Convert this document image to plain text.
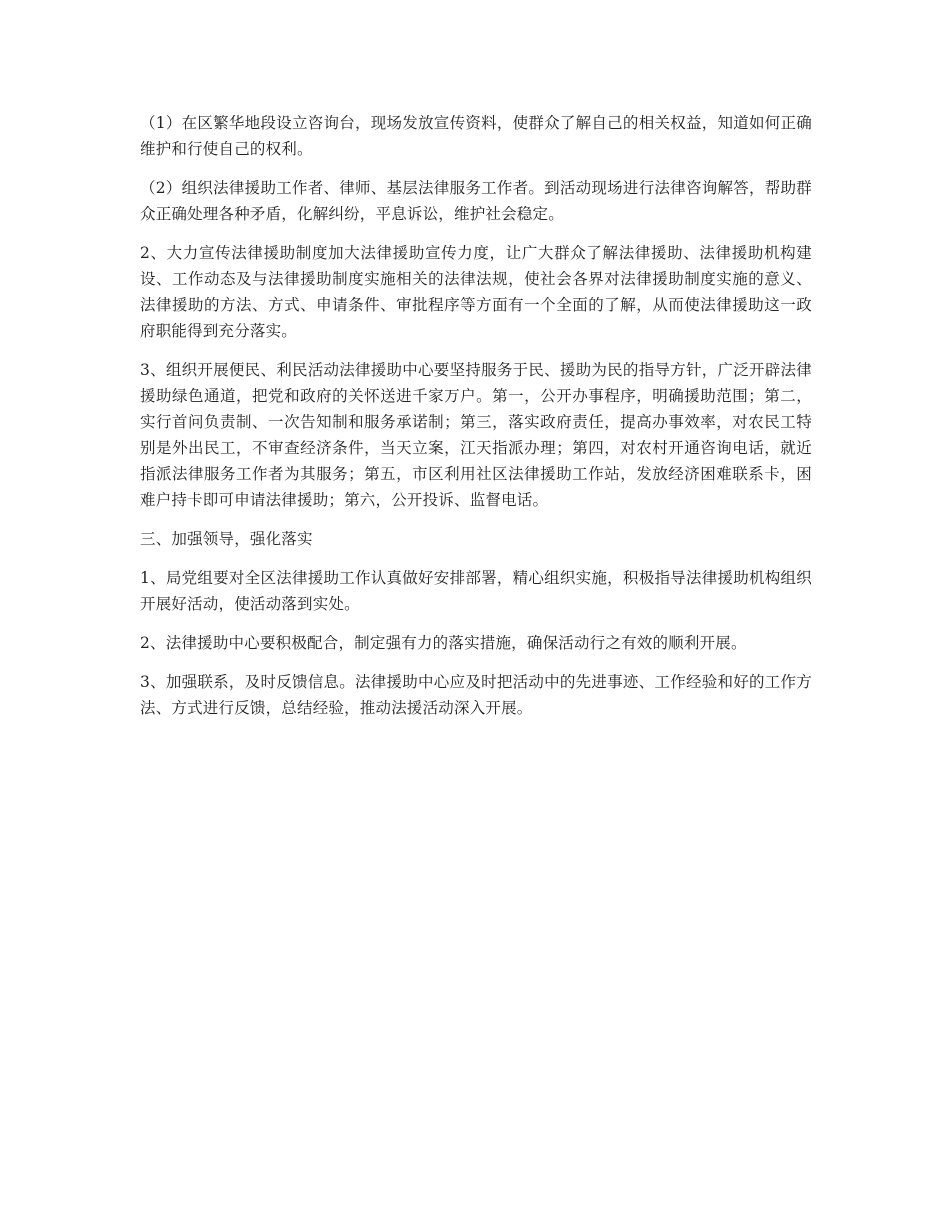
（1）在区繁华地段设立咨询台，现场发放宣传资料，使群众了解自己的相关权益，知道如何正确维护和行使自己的权利。

（2）组织法律援助工作者、律师、基层法律服务工作者。到活动现场进行法律咨询解答，帮助群众正确处理各种矛盾，化解纠纷，平息诉讼，维护社会稳定。

2、大力宣传法律援助制度加大法律援助宣传力度，让广大群众了解法律援助、法律援助机构建设、工作动态及与法律援助制度实施相关的法律法规，使社会各界对法律援助制度实施的意义、法律援助的方法、方式、申请条件、审批程序等方面有一个全面的了解，从而使法律援助这一政府职能得到充分落实。

3、组织开展便民、利民活动法律援助中心要坚持服务于民、援助为民的指导方针，广泛开辟法律援助绿色通道，把党和政府的关怀送进千家万户。第一，公开办事程序，明确援助范围；第二，实行首问负责制、一次告知制和服务承诺制；第三，落实政府责任，提高办事效率，对农民工特别是外出民工，不审查经济条件，当天立案，江天指派办理；第四，对农村开通咨询电话，就近指派法律服务工作者为其服务；第五，市区利用社区法律援助工作站，发放经济困难联系卡，困难户持卡即可申请法律援助；第六，公开投诉、监督电话。

三、加强领导，强化落实

1、局党组要对全区法律援助工作认真做好安排部署，精心组织实施，积极指导法律援助机构组织开展好活动，使活动落到实处。

2、法律援助中心要积极配合，制定强有力的落实措施，确保活动行之有效的顺利开展。

3、加强联系，及时反馈信息。法律援助中心应及时把活动中的先进事迹、工作经验和好的工作方法、方式进行反馈，总结经验，推动法援活动深入开展。
